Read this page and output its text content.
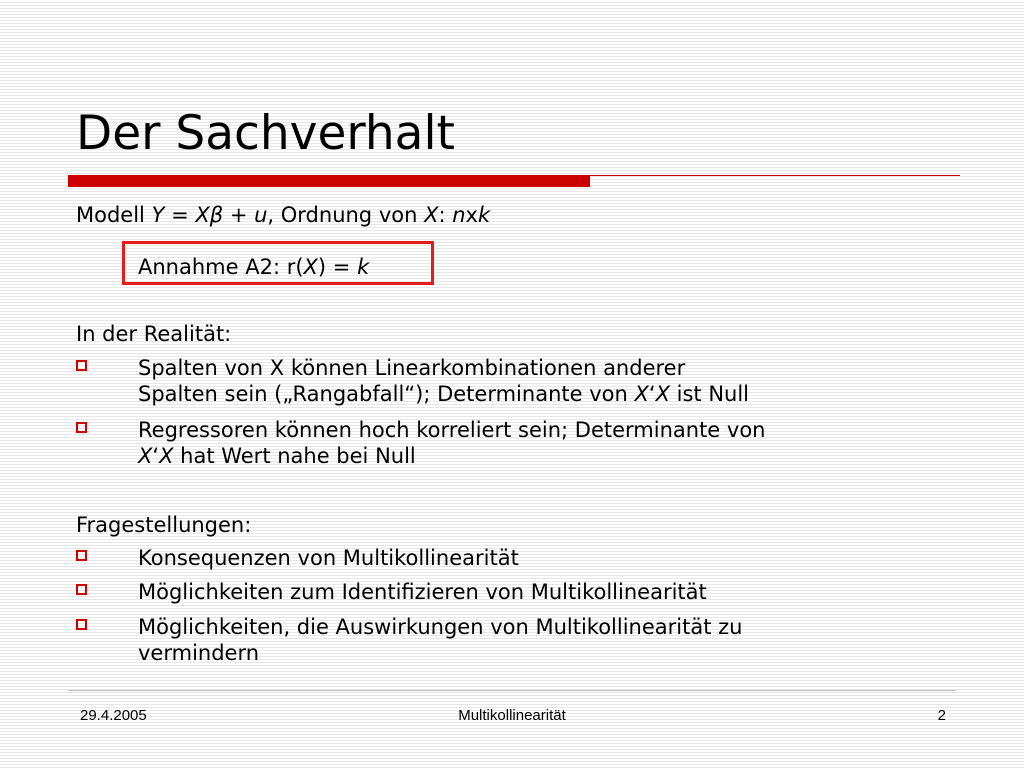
Der Sachverhalt
Modell Y = Xβ + u, Ordnung von X: nxk
Annahme A2: r(X) = k
In der Realität:
Spalten von X können Linearkombinationen anderer
Spalten sein („Rangabfall“); Determinante von X‘X ist Null
Regressoren können hoch korreliert sein; Determinante von
X‘X hat Wert nahe bei Null
Fragestellungen:
Konsequenzen von Multikollinearität
Möglichkeiten zum Identifizieren von Multikollinearität
Möglichkeiten, die Auswirkungen von Multikollinearität zu
vermindern
29.4.2005	Multikollinearität	2
